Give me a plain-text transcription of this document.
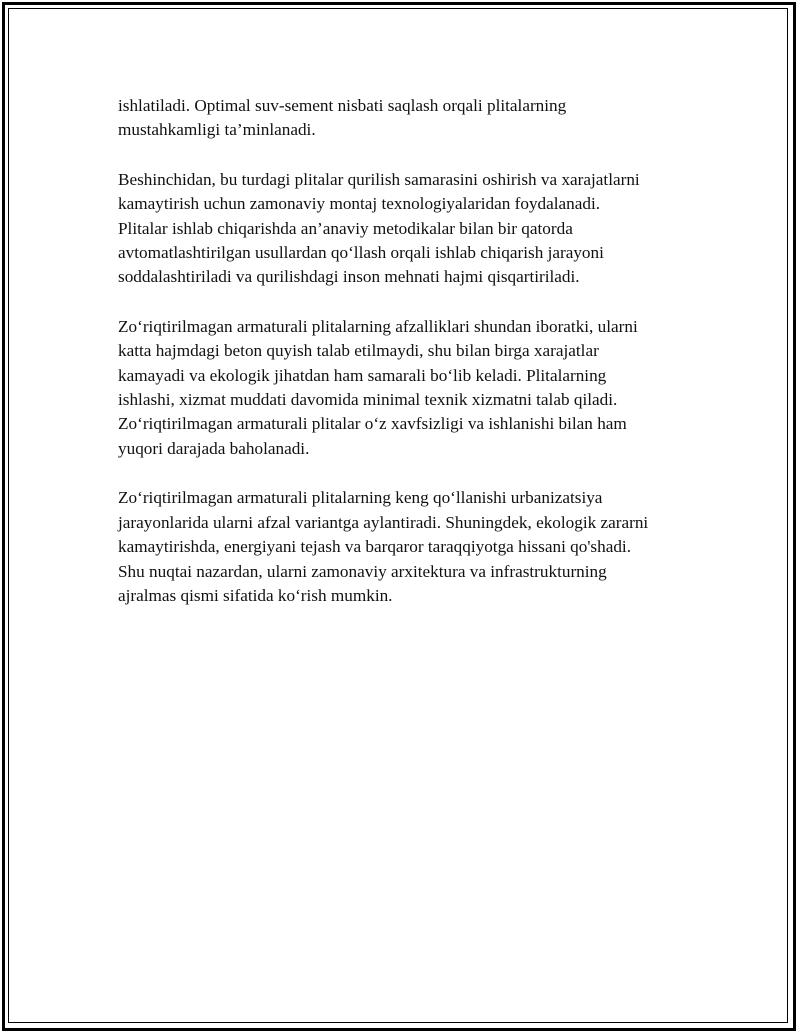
ishlatiladi. Optimal suv-sement nisbati saqlash orqali plitalarning
mustahkamligi ta’minlanadi.

Beshinchidan, bu turdagi plitalar qurilish samarasini oshirish va xarajatlarni
kamaytirish uchun zamonaviy montaj texnologiyalaridan foydalanadi.
Plitalar ishlab chiqarishda an’anaviy metodikalar bilan bir qatorda
avtomatlashtirilgan usullardan qo‘llash orqali ishlab chiqarish jarayoni
soddalashtiriladi va qurilishdagi inson mehnati hajmi qisqartiriladi.

Zo‘riqtirilmagan armaturali plitalarning afzalliklari shundan iboratki, ularni
katta hajmdagi beton quyish talab etilmaydi, shu bilan birga xarajatlar
kamayadi va ekologik jihatdan ham samarali bo‘lib keladi. Plitalarning
ishlashi, xizmat muddati davomida minimal texnik xizmatni talab qiladi.
Zo‘riqtirilmagan armaturali plitalar o‘z xavfsizligi va ishlanishi bilan ham
yuqori darajada baholanadi.

Zo‘riqtirilmagan armaturali plitalarning keng qo‘llanishi urbanizatsiya
jarayonlarida ularni afzal variantga aylantiradi. Shuningdek, ekologik zararni
kamaytirishda, energiyani tejash va barqaror taraqqiyotga hissani qo'shadi.
Shu nuqtai nazardan, ularni zamonaviy arxitektura va infrastrukturning
ajralmas qismi sifatida ko‘rish mumkin.
